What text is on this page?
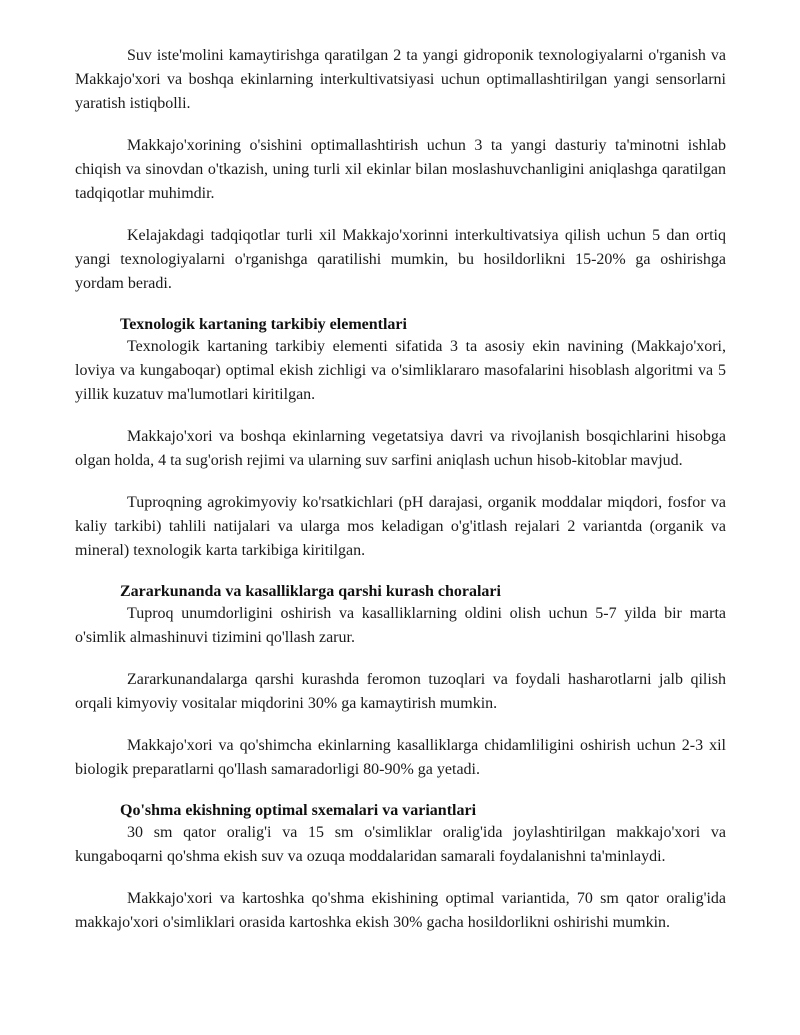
Suv iste'molini kamaytirishga qaratilgan 2 ta yangi gidroponik texnologiyalarni o'rganish va Makkajo'xori va boshqa ekinlarning interkultivatsiyasi uchun optimallashtirilgan yangi sensorlarni yaratish istiqbolli.

Makkajo'xorining o'sishini optimallashtirish uchun 3 ta yangi dasturiy ta'minotni ishlab chiqish va sinovdan o'tkazish, uning turli xil ekinlar bilan moslashuvchanligini aniqlashga qaratilgan tadqiqotlar muhimdir.

Kelajakdagi tadqiqotlar turli xil Makkajo'xorinni interkultivatsiya qilish uchun 5 dan ortiq yangi texnologiyalarni o'rganishga qaratilishi mumkin, bu hosildorlikni 15-20% ga oshirishga yordam beradi.

Texnologik kartaning tarkibiy elementlari

Texnologik kartaning tarkibiy elementi sifatida 3 ta asosiy ekin navining (Makkajo'xori, loviya va kungaboqar) optimal ekish zichligi va o'simliklararo masofalarini hisoblash algoritmi va 5 yillik kuzatuv ma'lumotlari kiritilgan.

Makkajo'xori va boshqa ekinlarning vegetatsiya davri va rivojlanish bosqichlarini hisobga olgan holda, 4 ta sug'orish rejimi va ularning suv sarfini aniqlash uchun hisob-kitoblar mavjud.

Tuproqning agrokimyoviy ko'rsatkichlari (pH darajasi, organik moddalar miqdori, fosfor va kaliy tarkibi) tahlili natijalari va ularga mos keladigan o'g'itlash rejalari 2 variantda (organik va mineral) texnologik karta tarkibiga kiritilgan.

Zararkunanda va kasalliklarga qarshi kurash choralari

Tuproq unumdorligini oshirish va kasalliklarning oldini olish uchun 5-7 yilda bir marta o'simlik almashinuvi tizimini qo'llash zarur.

Zararkunandalarga qarshi kurashda feromon tuzoqlari va foydali hasharotlarni jalb qilish orqali kimyoviy vositalar miqdorini 30% ga kamaytirish mumkin.

Makkajo'xori va qo'shimcha ekinlarning kasalliklarga chidamliligini oshirish uchun 2-3 xil biologik preparatlarni qo'llash samaradorligi 80-90% ga yetadi.

Qo'shma ekishning optimal sxemalari va variantlari

30 sm qator oralig'i va 15 sm o'simliklar oralig'ida joylashtirilgan makkajo'xori va kungaboqarni qo'shma ekish suv va ozuqa moddalaridan samarali foydalanishni ta'minlaydi.

Makkajo'xori va kartoshka qo'shma ekishining optimal variantida, 70 sm qator oralig'ida makkajo'xori o'simliklari orasida kartoshka ekish 30% gacha hosildorlikni oshirishi mumkin.
